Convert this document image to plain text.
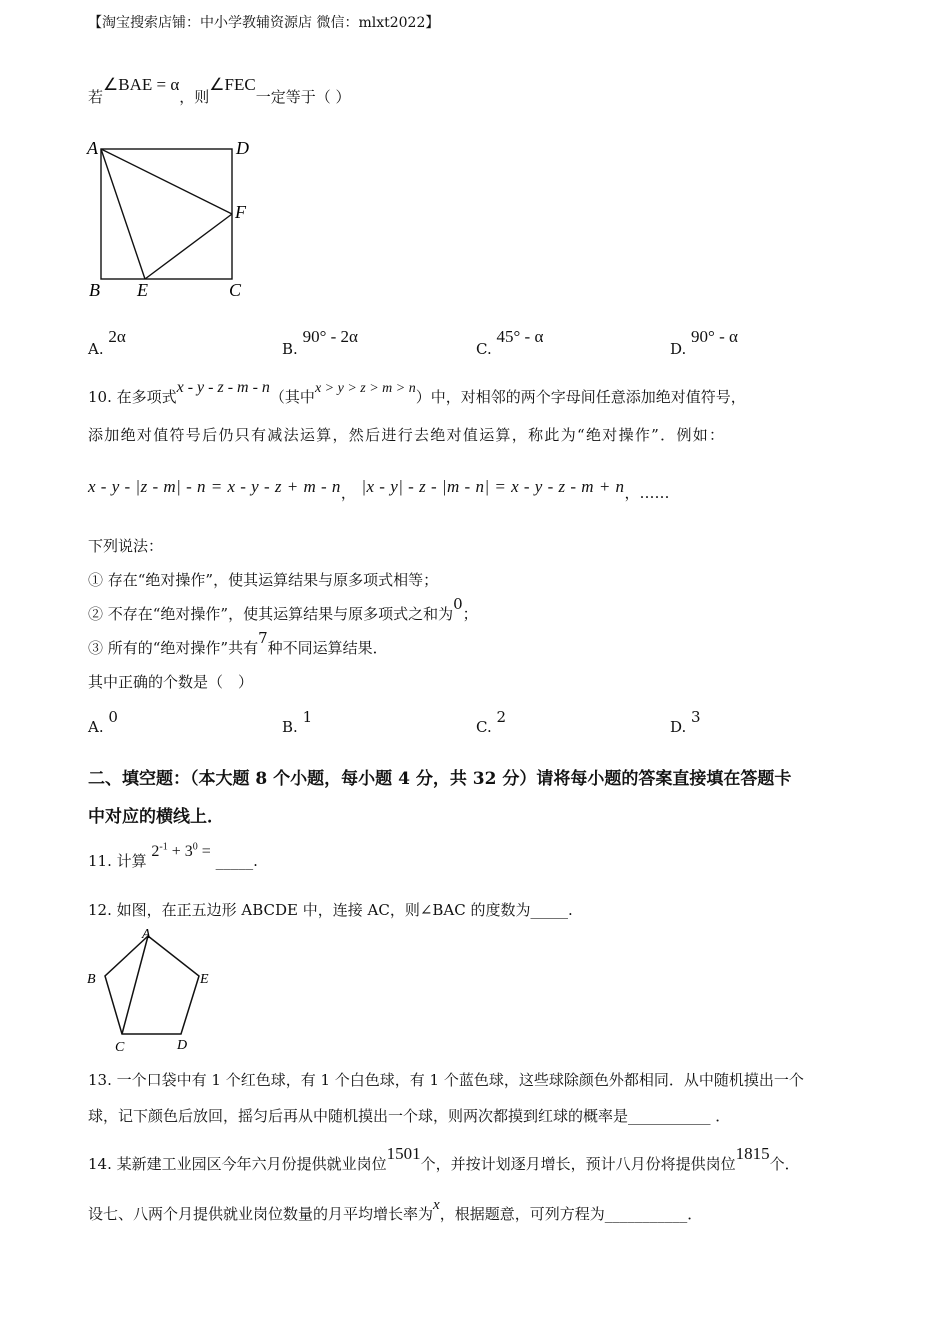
【淘宝搜索店铺：中小学教辅资源店 微信：mlxt2022】
若∠BAE = α，则∠FEC一定等于（ ）
A	D
F
B E	C
A. 2α
B. 90° - 2α
C. 45° - α
D. 90° - α
10. 在多项式x - y - z - m - n（其中x > y > z > m > n）中，对相邻的两个字母间任意添加绝对值符号，
添加绝对值符号后仍只有减法运算，然后进行去绝对值运算，称此为“绝对操作”．例如：
x - y - |z - m| - n = x - y - z + m - n， |x - y| - z - |m - n| = x - y - z - m + n，……
下列说法：
① 存在“绝对操作”，使其运算结果与原多项式相等；
② 不存在“绝对操作”，使其运算结果与原多项式之和为0；
③ 所有的“绝对操作”共有7种不同运算结果．
其中正确的个数是（　）
A. 0
B. 1
C. 2
D. 3
二、填空题：（本大题 8 个小题，每小题 4 分，共 32 分）请将每小题的答案直接填在答题卡
中对应的横线上．
11. 计算 $2^{-1} + 3^0$ = _____.
12. 如图，在正五边形 ABCDE 中，连接 AC，则∠BAC 的度数为_____.
A
B
C	D
E
13. 一个口袋中有 1 个红色球，有 1 个白色球，有 1 个蓝色球，这些球除颜色外都相同．从中随机摸出一个
球，记下颜色后放回，摇匀后再从中随机摸出一个球，则两次都摸到红球的概率是___________ ．
14. 某新建工业园区今年六月份提供就业岗位1501个，并按计划逐月增长，预计八月份将提供岗位1815个．
设七、八两个月提供就业岗位数量的月平均增长率为x，根据题意，可列方程为___________．
